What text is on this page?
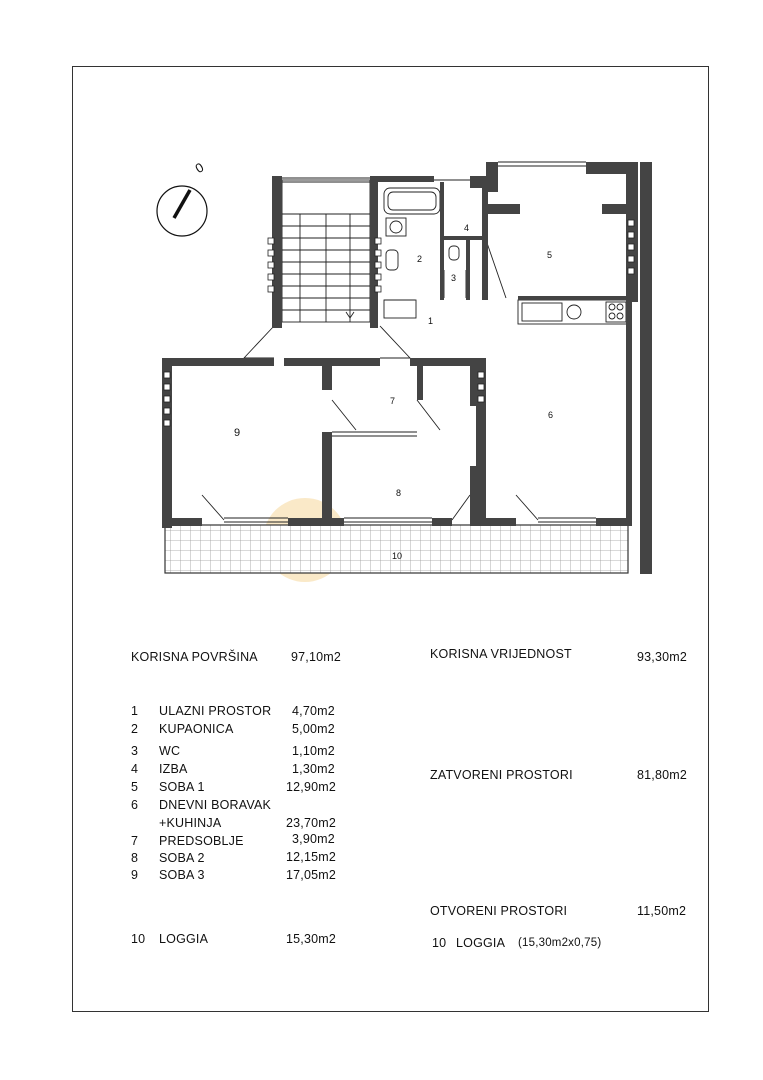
0
1
2
3
4
5
6
7
8
9
10
KORISNA POVRŠINA	97,10m2	KORISNA VRIJEDNOST	93,30m2
1 ULAZNI PROSTOR 4,70m2
2 KUPAONICA	5,00m2
3 WC	1,10m2
4 IZBA	1,30m2
5 SOBA 1	12,90m2
6 DNEVNI BORAVAK
+KUHINJA	23,70m2
7 PREDSOBLJE	3,90m2
8 SOBA 2	12,15m2
9 SOBA 3	17,05m2
ZATVORENI PROSTORI	81,80m2
OTVORENI PROSTORI	11,50m2
10 LOGGIA	15,30m2	10 LOGGIA (15,30m2x0,75)
